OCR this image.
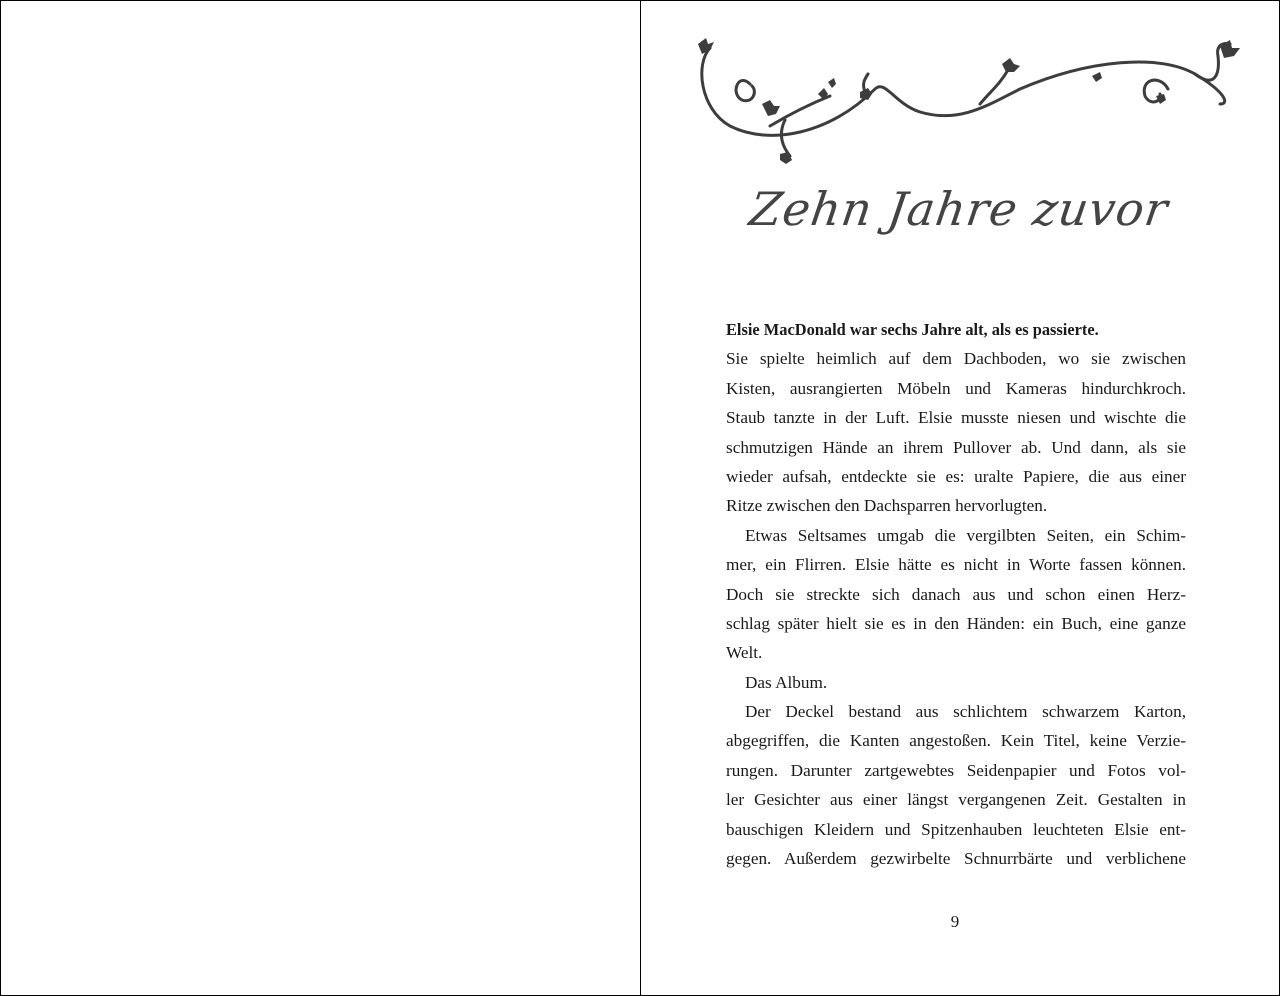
Zehn Jahre zuvor
Elsie MacDonald war sechs Jahre alt, als es passierte.
Sie spielte heimlich auf dem Dachboden, wo sie zwischen
Kisten, ausrangierten Möbeln und Kameras hindurchkroch.
Staub tanzte in der Luft. Elsie musste niesen und wischte die
schmutzigen Hände an ihrem Pullover ab. Und dann, als sie
wieder aufsah, entdeckte sie es: uralte Papiere, die aus einer
Ritze zwischen den Dachsparren hervorlugten.
Etwas Seltsames umgab die vergilbten Seiten, ein Schim-
mer, ein Flirren. Elsie hätte es nicht in Worte fassen können.
Doch sie streckte sich danach aus und schon einen Herz-
schlag später hielt sie es in den Händen: ein Buch, eine ganze
Welt.
Das Album.
Der Deckel bestand aus schlichtem schwarzem Karton,
abgegriffen, die Kanten angestoßen. Kein Titel, keine Verzie-
rungen. Darunter zartgewebtes Seidenpapier und Fotos vol-
ler Gesichter aus einer längst vergangenen Zeit. Gestalten in
bauschigen Kleidern und Spitzenhauben leuchteten Elsie ent-
gegen. Außerdem gezwirbelte Schnurrbärte und verblichene
9
